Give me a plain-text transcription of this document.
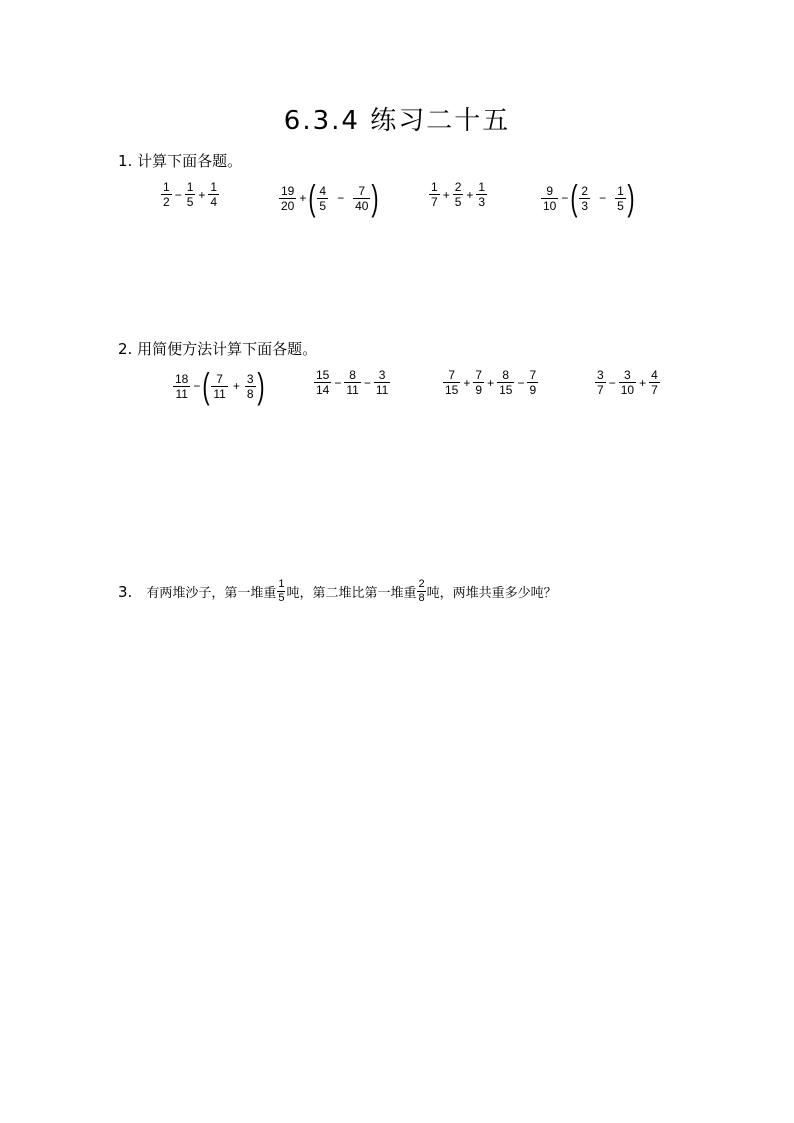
6.3.4 练习二十五
1. 计算下面各题。
$\frac{1}{2} - \frac{1}{5} + \frac{1}{4}$	$\frac{19}{20}$ + ( $\frac{4}{5} - \frac{7}{40}$ )	$\frac{1}{7} + \frac{2}{5} + \frac{1}{3}$	$\frac{9}{10}$ − ( $\frac{2}{3} - \frac{1}{5}$ )
2. 用简便方法计算下面各题。
$\frac{18}{11}$ − ( $\frac{7}{11} + \frac{3}{8}$ )	$\frac{15}{14} - \frac{8}{11} - \frac{3}{11}$	$\frac{7}{15} + \frac{7}{9} + \frac{8}{15} - \frac{7}{9}$	$\frac{3}{7} - \frac{3}{10} + \frac{4}{7}$
3. 有两堆沙子，第一堆重 $\frac{1}{5}$ 吨，第二堆比第一堆重 $\frac{2}{8}$ 吨，两堆共重多少吨？
